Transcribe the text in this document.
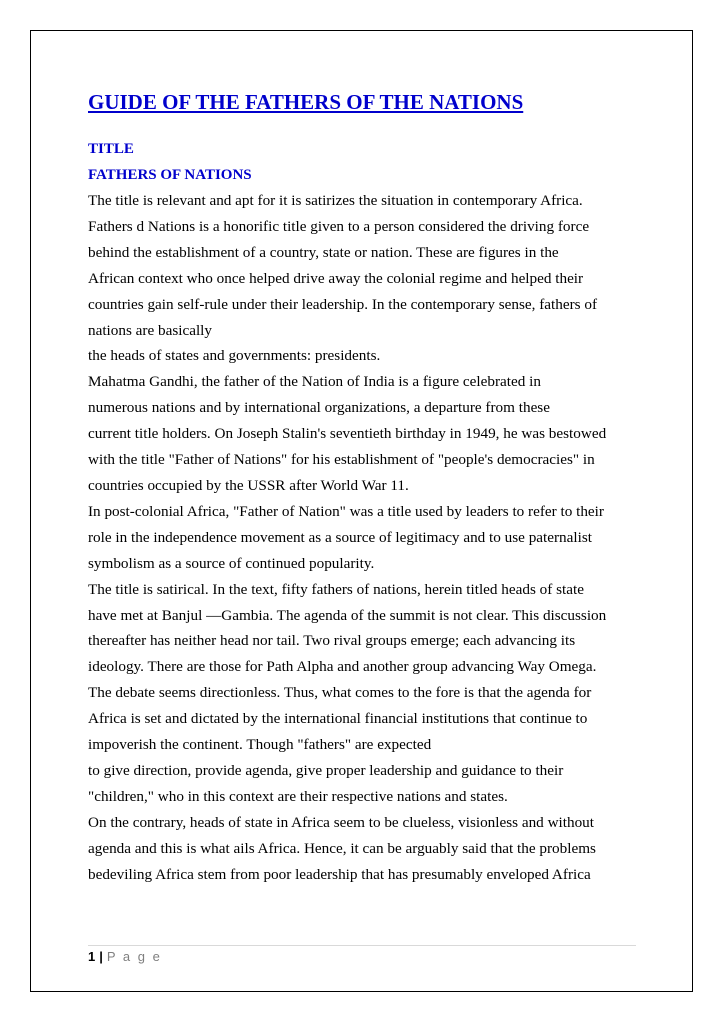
GUIDE OF THE FATHERS OF THE NATIONS

TITLE

FATHERS OF NATIONS

The title is relevant and apt for it is satirizes the situation in contemporary Africa.
Fathers d Nations is a honorific title given to a person considered the driving force
behind the establishment of a country, state or nation. These are figures in the
African context who once helped drive away the colonial regime and helped their
countries gain self-rule under their leadership. In the contemporary sense, fathers of
nations are basically

the heads of states and governments: presidents.

Mahatma Gandhi, the father of the Nation of India is a figure celebrated in
numerous nations and by international organizations, a departure from these
current title holders. On Joseph Stalin's seventieth birthday in 1949, he was bestowed
with the title "Father of Nations" for his establishment of "people's democracies" in
countries occupied by the USSR after World War 11.

In post-colonial Africa, "Father of Nation" was a title used by leaders to refer to their
role in the independence movement as a source of legitimacy and to use paternalist
symbolism as a source of continued popularity.

The title is satirical. In the text, fifty fathers of nations, herein titled heads of state
have met at Banjul —Gambia. The agenda of the summit is not clear. This discussion
thereafter has neither head nor tail. Two rival groups emerge; each advancing its
ideology. There are those for Path Alpha and another group advancing Way Omega.
The debate seems directionless. Thus, what comes to the fore is that the agenda for
Africa is set and dictated by the international financial institutions that continue to
impoverish the continent. Though "fathers" are expected

to give direction, provide agenda, give proper leadership and guidance to their
"children," who in this context are their respective nations and states.

On the contrary, heads of state in Africa seem to be clueless, visionless and without
agenda and this is what ails Africa. Hence, it can be arguably said that the problems
bedeviling Africa stem from poor leadership that has presumably enveloped Africa

1 | P a g e
